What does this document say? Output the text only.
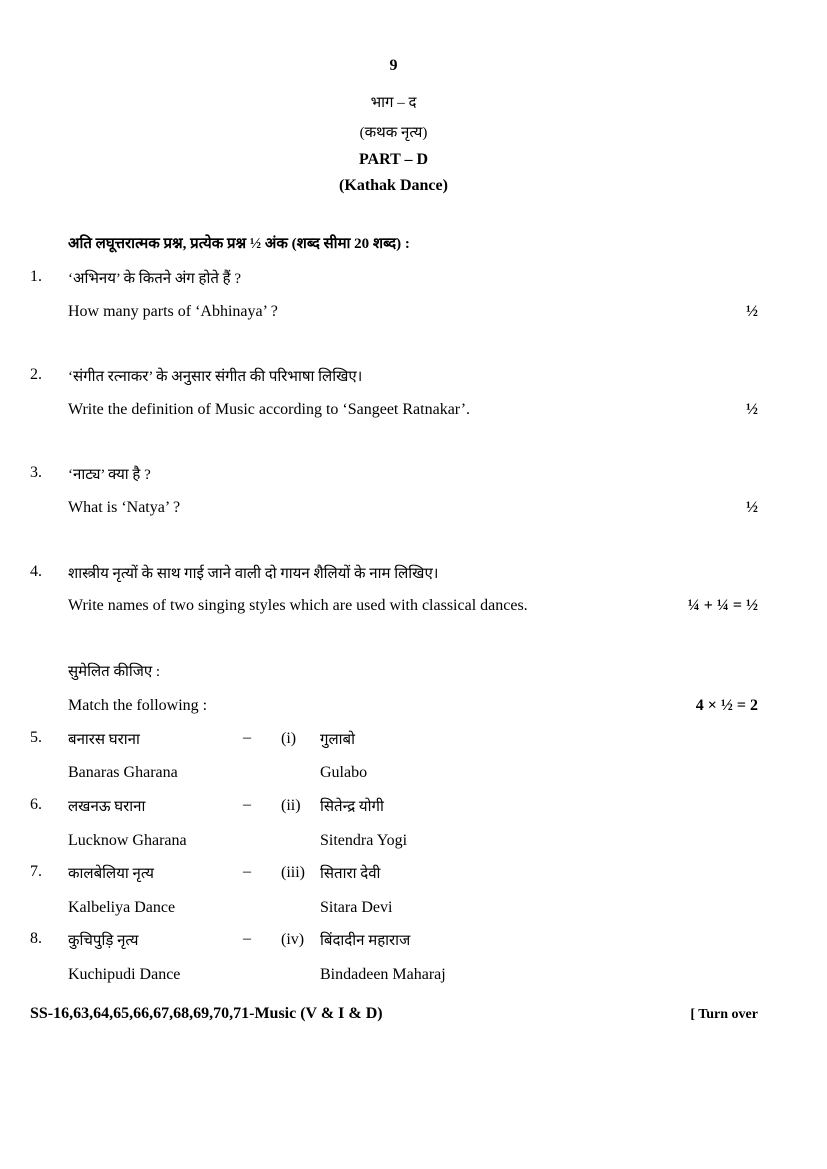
9
भाग – द
(कथक नृत्य)
PART – D
(Kathak Dance)
अति लघूत्तरात्मक प्रश्न, प्रत्येक प्रश्न ½ अंक (शब्द सीमा 20 शब्द) :
1. ‘अभिनय’ के कितने अंग होते हैं ?
How many parts of ‘Abhinaya’ ?	½
2. ‘संगीत रत्नाकर’ के अनुसार संगीत की परिभाषा लिखिए।
Write the definition of Music according to ‘Sangeet Ratnakar’.	½
3. ‘नाट्य’ क्या है ?
What is ‘Natya’ ?	½
4. शास्त्रीय नृत्यों के साथ गाई जाने वाली दो गायन शैलियों के नाम लिखिए।
Write names of two singing styles which are used with classical dances.	¼ + ¼ = ½
सुमेलित कीजिए :
Match the following :	4 × ½ = 2
5. बनारस घराना	– (i) गुलाबो
Banaras Gharana	Gulabo
6. लखनऊ घराना	– (ii) सितेन्द्र योगी
Lucknow Gharana	Sitendra Yogi
7. कालबेलिया नृत्य	– (iii) सितारा देवी
Kalbeliya Dance	Sitara Devi
8. कुचिपुड़ि नृत्य	– (iv) बिंदादीन महाराज
Kuchipudi Dance	Bindadeen Maharaj
SS-16,63,64,65,66,67,68,69,70,71-Music (V & I & D)	[ Turn over
